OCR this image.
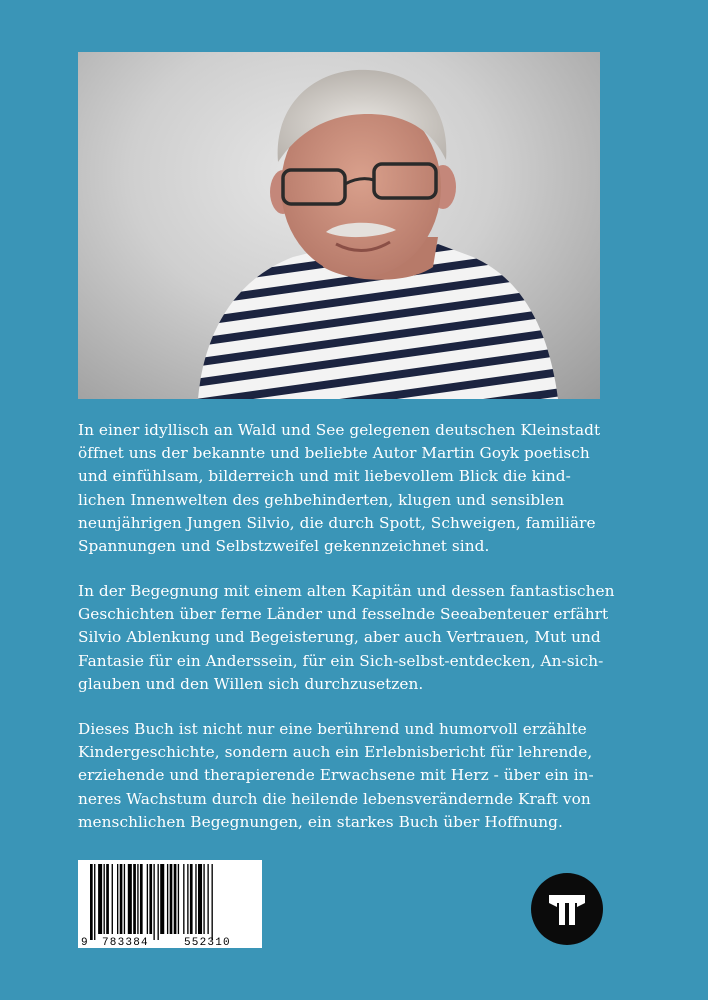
In einer idyllisch an Wald und See gelegenen deutschen Kleinstadt
öffnet uns der bekannte und beliebte Autor Martin Goyk poetisch
und einfühlsam, bilderreich und mit liebevollem Blick die kind-
lichen Innenwelten des gehbehinderten, klugen und sensiblen
neunjährigen Jungen Silvio, die durch Spott, Schweigen, familiäre
Spannungen und Selbstzweifel gekennzeichnet sind.

In der Begegnung mit einem alten Kapitän und dessen fantastischen
Geschichten über ferne Länder und fesselnde Seeabenteuer erfährt
Silvio Ablenkung und Begeisterung, aber auch Vertrauen, Mut und
Fantasie für ein Anderssein, für ein Sich-selbst-entdecken, An-sich-
glauben und den Willen sich durchzusetzen.

Dieses Buch ist nicht nur eine berührend und humorvoll erzählte
Kindergeschichte, sondern auch ein Erlebnisbericht für lehrende,
erziehende und therapierende Erwachsene mit Herz - über ein in-
neres Wachstum durch die heilende lebensverändernde Kraft von
menschlichen Begegnungen, ein starkes Buch über Hoffnung.

9 783384	552310
